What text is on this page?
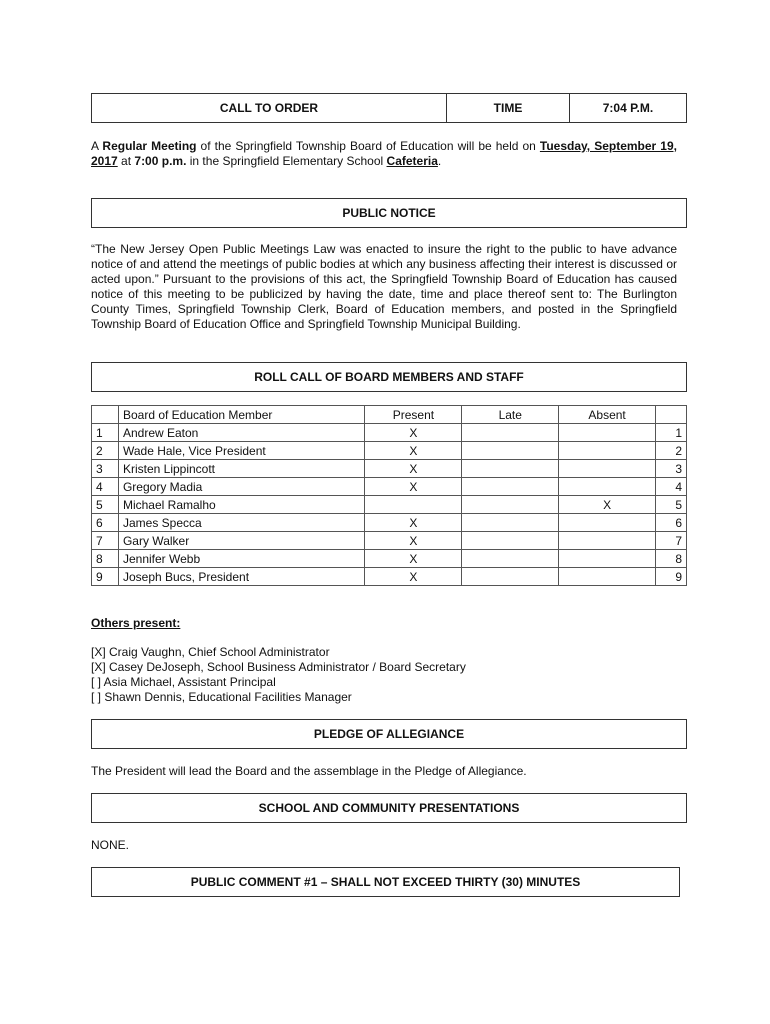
CALL TO ORDER	TIME	7:04 P.M.
A Regular Meeting of the Springfield Township Board of Education will be held on Tuesday, September 19, 2017 at 7:00 p.m. in the Springfield Elementary School Cafeteria.
PUBLIC NOTICE
“The New Jersey Open Public Meetings Law was enacted to insure the right to the public to have advance notice of and attend the meetings of public bodies at which any business affecting their interest is discussed or acted upon.” Pursuant to the provisions of this act, the Springfield Township Board of Education has caused notice of this meeting to be publicized by having the date, time and place thereof sent to: The Burlington County Times, Springfield Township Clerk, Board of Education members, and posted in the Springfield Township Board of Education Office and Springfield Township Municipal Building.
ROLL CALL OF BOARD MEMBERS AND STAFF
	Board of Education Member	Present	Late	Absent	
1	Andrew Eaton	X			1
2	Wade Hale, Vice President	X			2
3	Kristen Lippincott	X			3
4	Gregory Madia	X			4
5	Michael Ramalho			X	5
6	James Specca	X			6
7	Gary Walker	X			7
8	Jennifer Webb	X			8
9	Joseph Bucs, President	X			9
Others present:
[X] Craig Vaughn, Chief School Administrator
[X] Casey DeJoseph, School Business Administrator / Board Secretary
[ ] Asia Michael, Assistant Principal
[ ] Shawn Dennis, Educational Facilities Manager
PLEDGE OF ALLEGIANCE
The President will lead the Board and the assemblage in the Pledge of Allegiance.
SCHOOL AND COMMUNITY PRESENTATIONS
NONE.
PUBLIC COMMENT #1 – SHALL NOT EXCEED THIRTY (30) MINUTES
